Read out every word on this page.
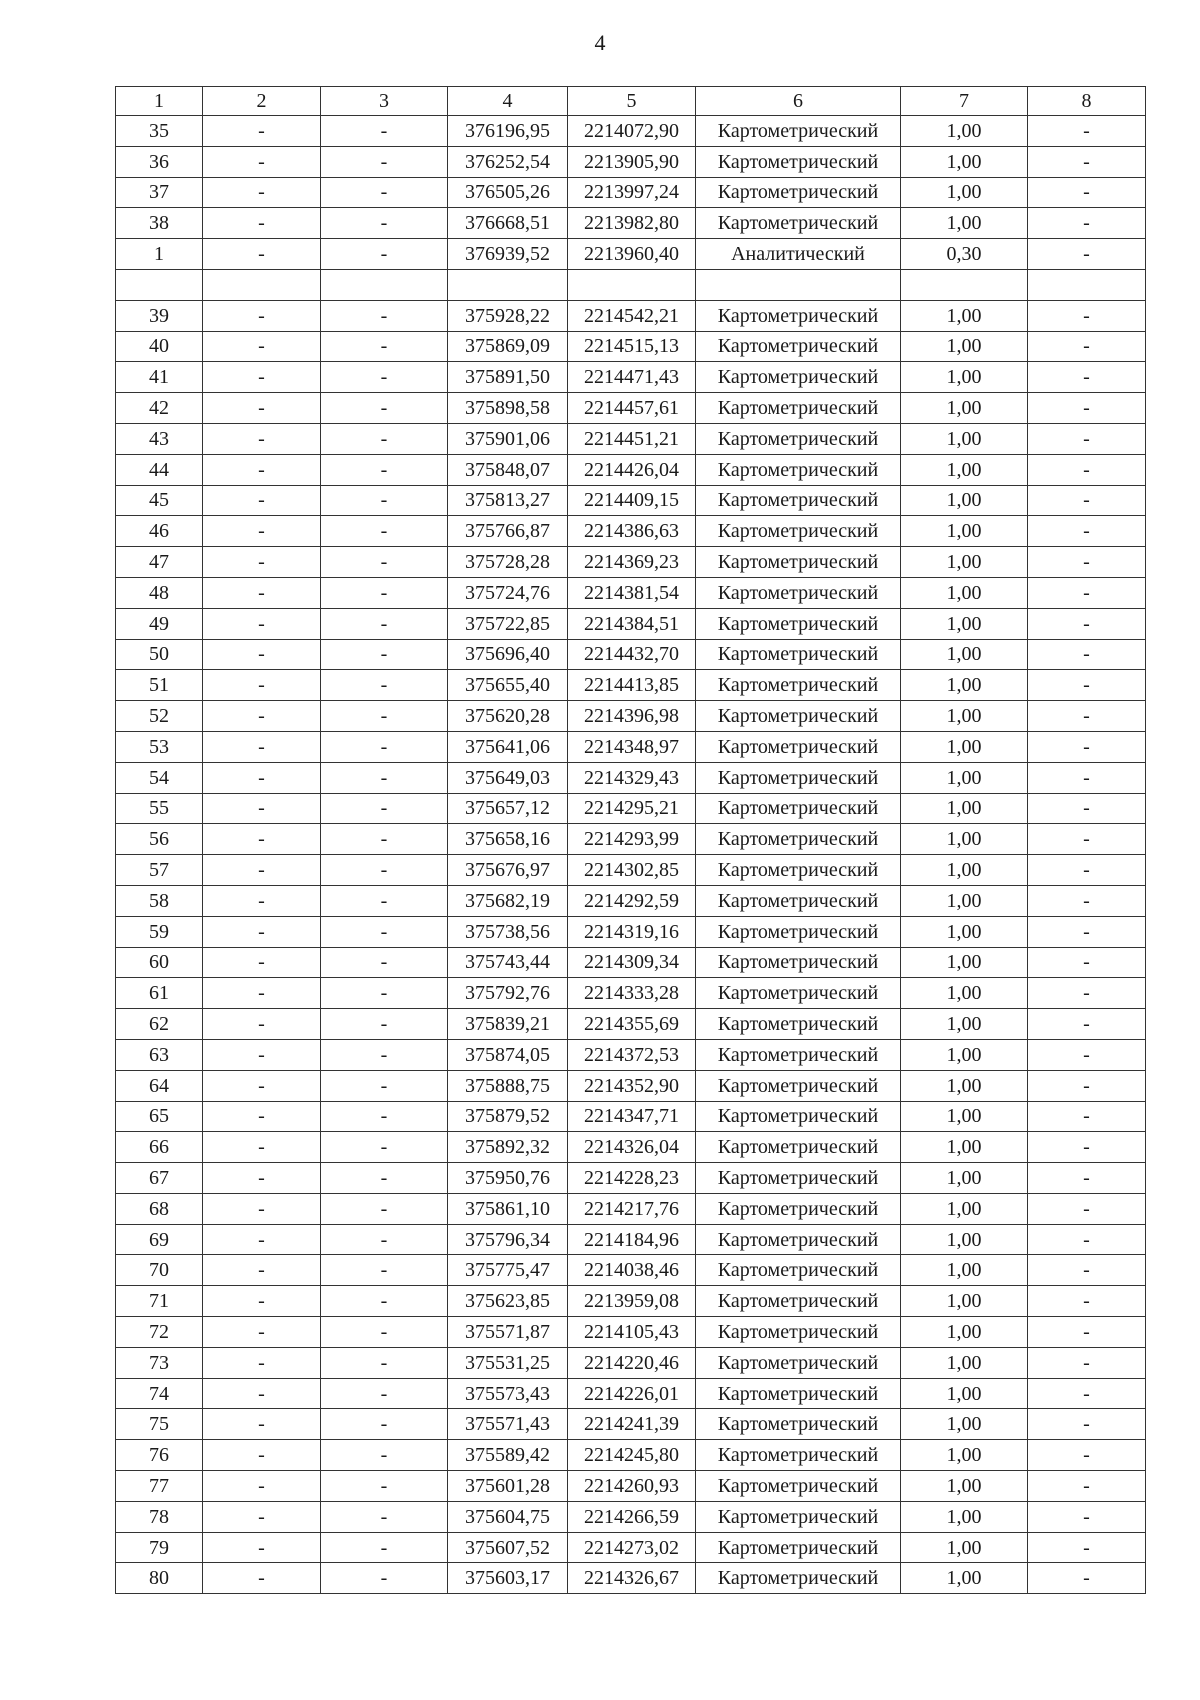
4
1	2	3	4	5	6	7	8
35	-	-	376196,95	2214072,90	Картометрический	1,00	-
36	-	-	376252,54	2213905,90	Картометрический	1,00	-
37	-	-	376505,26	2213997,24	Картометрический	1,00	-
38	-	-	376668,51	2213982,80	Картометрический	1,00	-
1	-	-	376939,52	2213960,40	Аналитический	0,30	-

39	-	-	375928,22	2214542,21	Картометрический	1,00	-
40	-	-	375869,09	2214515,13	Картометрический	1,00	-
41	-	-	375891,50	2214471,43	Картометрический	1,00	-
42	-	-	375898,58	2214457,61	Картометрический	1,00	-
43	-	-	375901,06	2214451,21	Картометрический	1,00	-
44	-	-	375848,07	2214426,04	Картометрический	1,00	-
45	-	-	375813,27	2214409,15	Картометрический	1,00	-
46	-	-	375766,87	2214386,63	Картометрический	1,00	-
47	-	-	375728,28	2214369,23	Картометрический	1,00	-
48	-	-	375724,76	2214381,54	Картометрический	1,00	-
49	-	-	375722,85	2214384,51	Картометрический	1,00	-
50	-	-	375696,40	2214432,70	Картометрический	1,00	-
51	-	-	375655,40	2214413,85	Картометрический	1,00	-
52	-	-	375620,28	2214396,98	Картометрический	1,00	-
53	-	-	375641,06	2214348,97	Картометрический	1,00	-
54	-	-	375649,03	2214329,43	Картометрический	1,00	-
55	-	-	375657,12	2214295,21	Картометрический	1,00	-
56	-	-	375658,16	2214293,99	Картометрический	1,00	-
57	-	-	375676,97	2214302,85	Картометрический	1,00	-
58	-	-	375682,19	2214292,59	Картометрический	1,00	-
59	-	-	375738,56	2214319,16	Картометрический	1,00	-
60	-	-	375743,44	2214309,34	Картометрический	1,00	-
61	-	-	375792,76	2214333,28	Картометрический	1,00	-
62	-	-	375839,21	2214355,69	Картометрический	1,00	-
63	-	-	375874,05	2214372,53	Картометрический	1,00	-
64	-	-	375888,75	2214352,90	Картометрический	1,00	-
65	-	-	375879,52	2214347,71	Картометрический	1,00	-
66	-	-	375892,32	2214326,04	Картометрический	1,00	-
67	-	-	375950,76	2214228,23	Картометрический	1,00	-
68	-	-	375861,10	2214217,76	Картометрический	1,00	-
69	-	-	375796,34	2214184,96	Картометрический	1,00	-
70	-	-	375775,47	2214038,46	Картометрический	1,00	-
71	-	-	375623,85	2213959,08	Картометрический	1,00	-
72	-	-	375571,87	2214105,43	Картометрический	1,00	-
73	-	-	375531,25	2214220,46	Картометрический	1,00	-
74	-	-	375573,43	2214226,01	Картометрический	1,00	-
75	-	-	375571,43	2214241,39	Картометрический	1,00	-
76	-	-	375589,42	2214245,80	Картометрический	1,00	-
77	-	-	375601,28	2214260,93	Картометрический	1,00	-
78	-	-	375604,75	2214266,59	Картометрический	1,00	-
79	-	-	375607,52	2214273,02	Картометрический	1,00	-
80	-	-	375603,17	2214326,67	Картометрический	1,00	-
